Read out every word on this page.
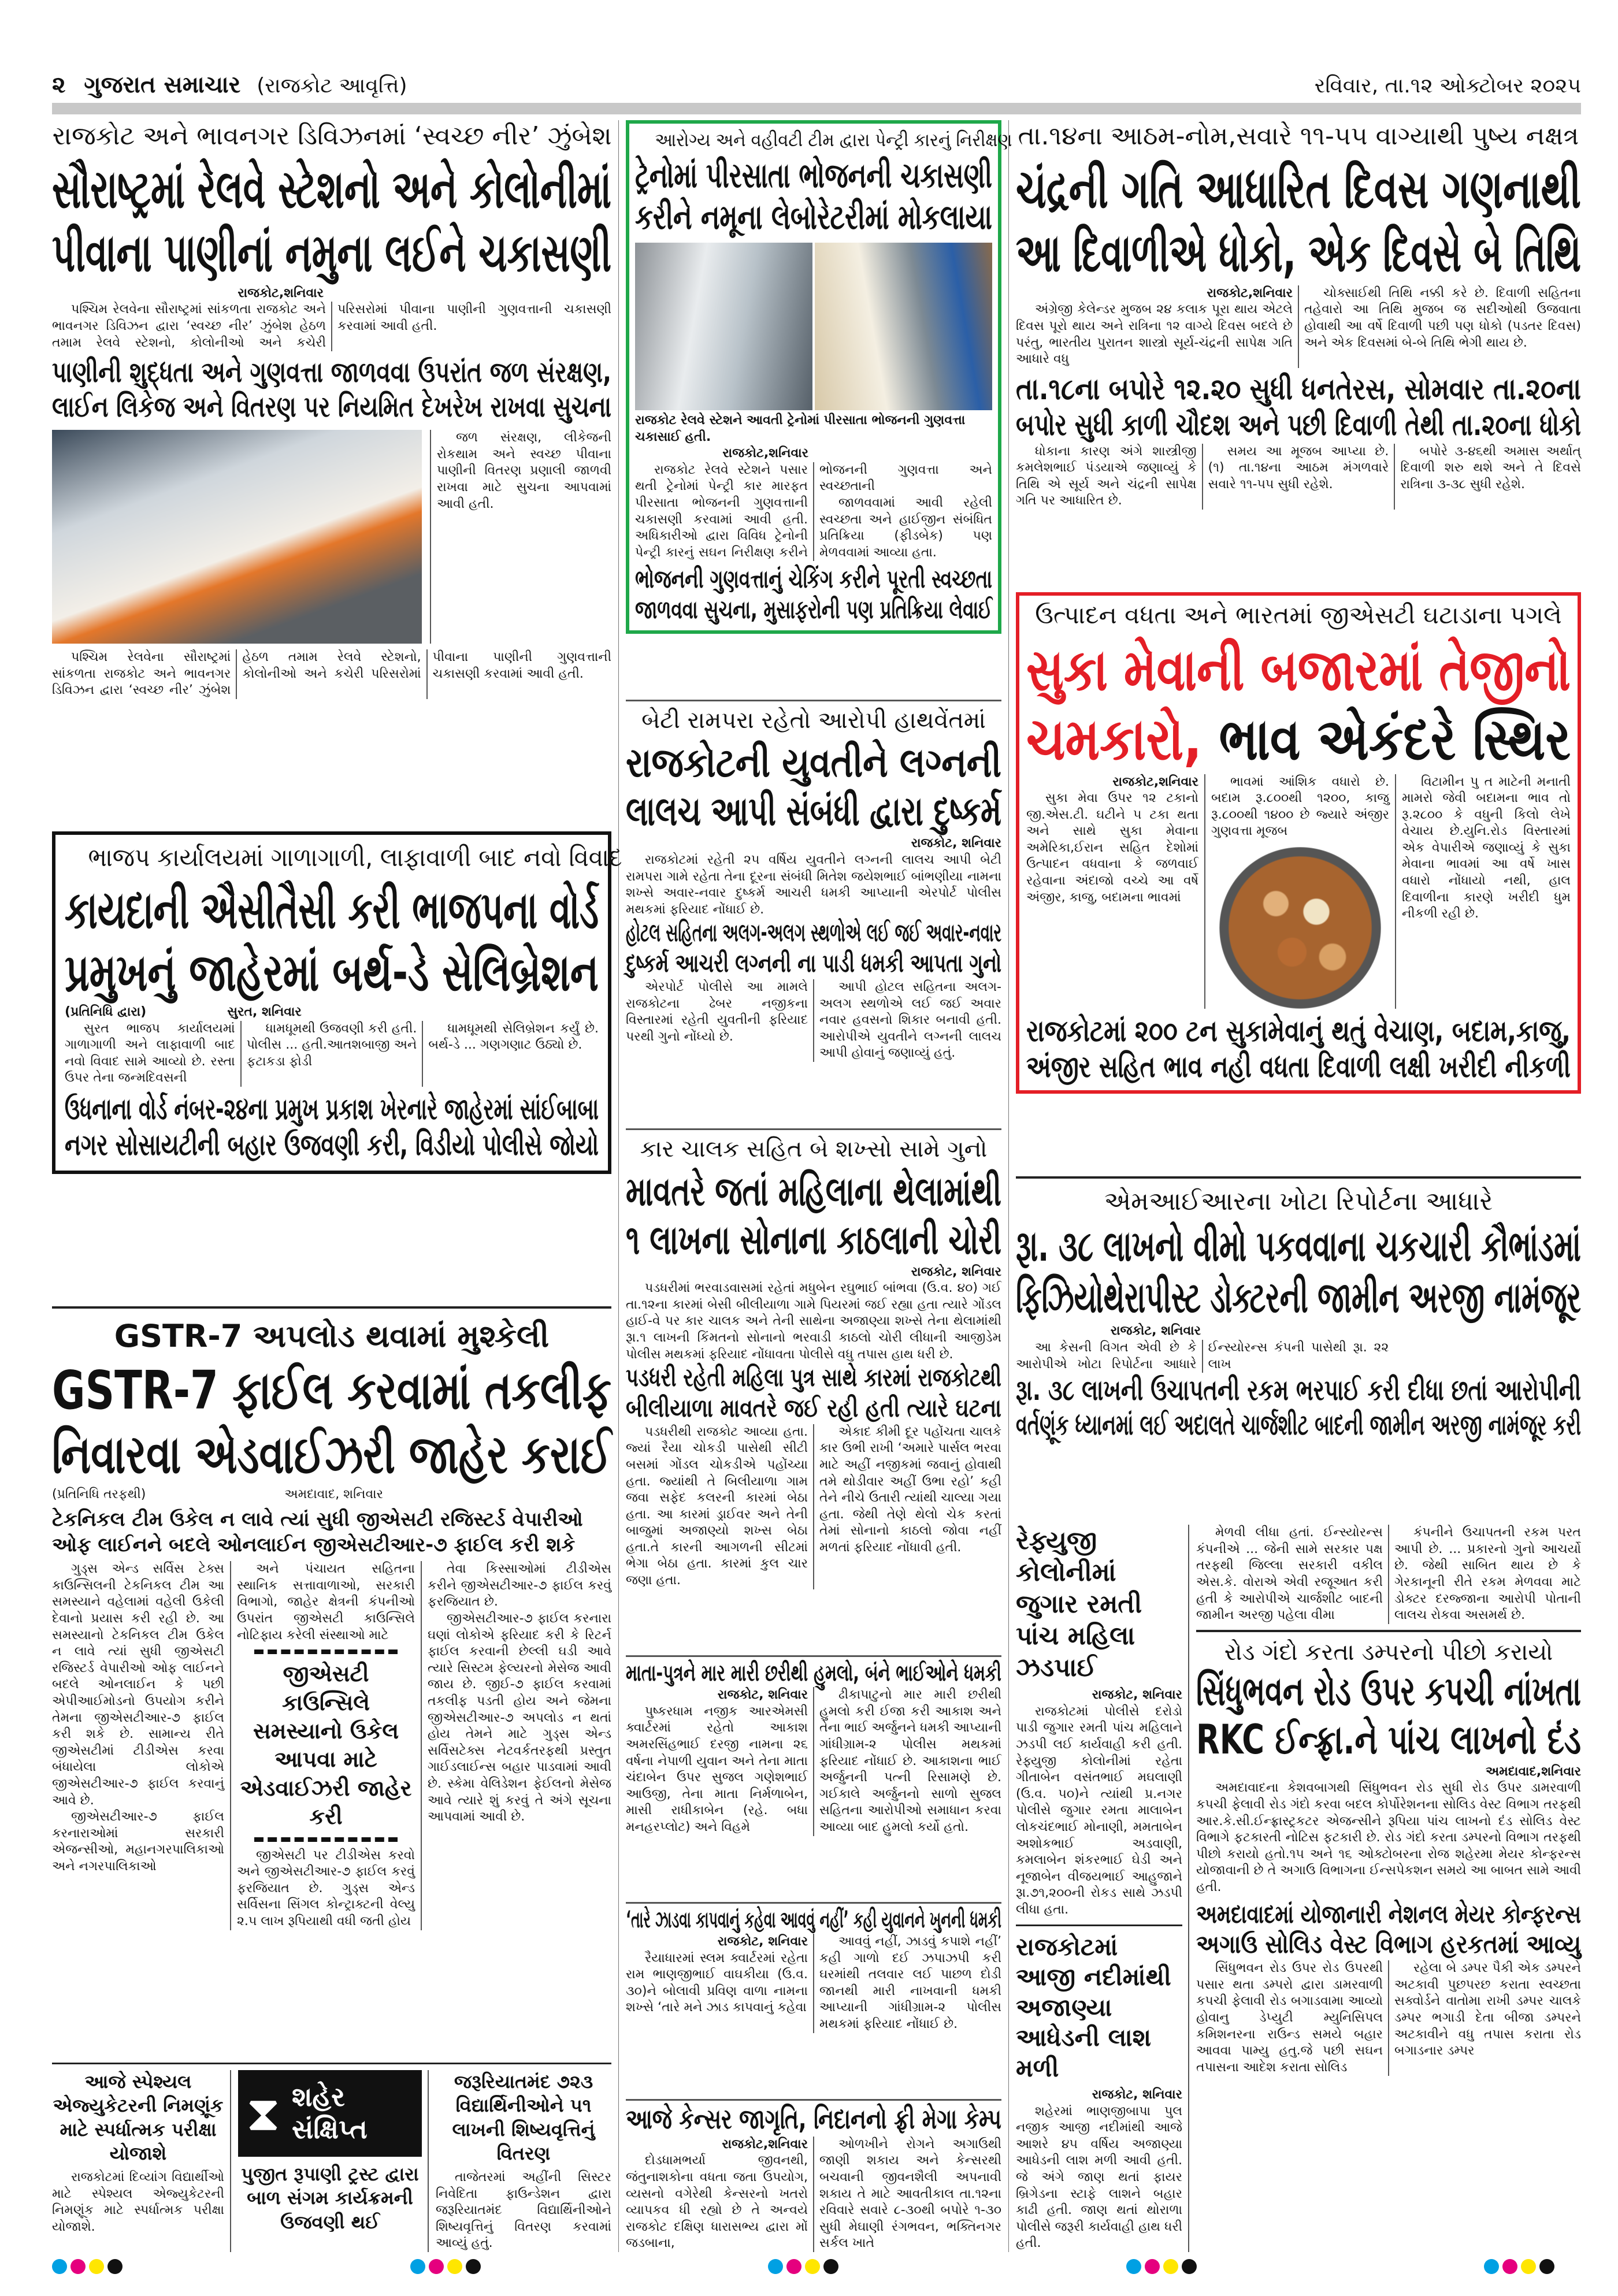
૨ ગુજરાત સમાચાર (રાજકોટ આવૃત્તિ)	રવિવાર, તા.૧૨ ઓક્ટોબર ૨૦૨૫
રાજકોટ અને ભાવનગર ડિવિઝનમાં ‘સ્વચ્છ નીર’ ઝુંબેશ
સૌરાષ્ટ્રમાં રેલવે સ્ટેશનો અને કોલોનીમાં
પીવાના પાણીનાં નમુના લઈને ચકાસણી
રાજકોટ,શનિવાર

પશ્ચિમ રેલવેના સૌરાષ્ટ્રમાં સાંકળતા રાજકોટ અને ભાવનગર ડિવિઝન દ્વારા ‘સ્વચ્છ નીર’ ઝુંબેશ હેઠળ તમામ રેલવે સ્ટેશનો, કોલોનીઓ અને કચેરી પરિસરોમાં પીવાના પાણીની ગુણવત્તાની ચકાસણી કરવામાં આવી હતી.

પાણીની શુદ્ધતા અને ગુણવત્તા જાળવવા ઉપરાંત જળ સંરક્ષણ,
લાઈન લિકેજ અને વિતરણ પર નિયમિત દેખરેખ રાખવા સુચના

જળ સંરક્ષણ, લીકેજની રોકથામ અને સ્વચ્છ પીવાના પાણીની વિતરણ પ્રણાલી જાળવી રાખવા માટે સુચના આપવામાં આવી હતી.

પશ્ચિમ રેલવેના સૌરાષ્ટ્રમાં સાંકળતા રાજકોટ અને ભાવનગર ડિવિઝન દ્વારા ‘સ્વચ્છ નીર’ ઝુંબેશ હેઠળ તમામ રેલવે સ્ટેશનો, કોલોનીઓ અને કચેરી પરિસરોમાં પીવાના પાણીની ગુણવત્તાની ચકાસણી કરવામાં આવી હતી.

ભાજપ કાર્યાલયમાં ગાળાગાળી, લાફાવાળી બાદ નવો વિવાદ
કાયદાની ઐસીતૈસી કરી ભાજપના વોર્ડ
પ્રમુખનું જાહેરમાં બર્થ-ડે સેલિબ્રેશન
(પ્રતિનિધિ દ્વારા)	સુરત, શનિવાર

સુરત ભાજપ કાર્યાલયમાં ગાળાગાળી અને લાફાવાળી બાદ નવો વિવાદ સામે આવ્યો છે. રસ્તા ઉપર તેના જન્મદિવસની

ધામધૂમથી ઉજવણી કરી હતી. પોલીસ ... હતી.આતશબાજી અને ફટાકડા ફોડી

ધામધૂમથી સેલિબ્રેશન કર્યું છે. બર્થ-ડે ... ગણગણાટ ઉઠ્યો છે.

ઉધનાના વોર્ડ નંબર-૨૪ના પ્રમુખ પ્રકાશ ખેરનારે જાહેરમાં સાંઈબાબા
નગર સોસાયટીની બહાર ઉજવણી કરી, વિડીયો પોલીસે જોયો
GSTR-7 અપલોડ થવામાં મુશ્કેલી
GSTR-7 ફાઈલ કરવામાં તકલીફ
નિવારવા એડવાઈઝરી જાહેર કરાઈ
(પ્રતિનિધિ તરફથી)	અમદાવાદ, શનિવાર
ટેકનિકલ ટીમ ઉકેલ ન લાવે ત્યાં સુધી જીએસટી રજિસ્ટર્ડ વેપારીઓ ઓફ લાઈનને બદલે ઓનલાઈન જીએસટીઆર-૭ ફાઈલ કરી શકે

ગુડ્સ એન્ડ સર્વિસ ટેક્સ કાઉન્સિલની ટેકનિકલ ટીમ આ સમસ્યાને વહેલામાં વહેલી ઉકેલી દેવાનો પ્રયાસ કરી રહી છે. આ સમસ્યાનો ટેકનિકલ ટીમ ઉકેલ ન લાવે ત્યાં સુધી જીએસટી રજિસ્ટર્ડ વેપારીઓ ઓફ લાઈનને બદલે ઓનલાઈન કે પછી એપીઆઈમોડનો ઉપયોગ કરીને તેમના જીએસટીઆર-૭ ફાઈલ કરી શકે છે. સામાન્ય રીતે જીએસટીમાં ટીડીએસ કરવા બંધાયેલા લોકોએ જીએસટીઆર-૭ ફાઈલ કરવાનું આવે છે.

જીએસટીઆર-૭ ફાઈલ કરનારાઓમાં સરકારી એજન્સીઓ, મહાનગરપાલિકાઓ અને નગરપાલિકાઓ

અને પંચાયત સહિતના સ્થાનિક સત્તાવાળાઓ, સરકારી વિભાગો, જાહેર ક્ષેત્રની કંપનીઓ ઉપરાંત જીએસટી કાઉન્સિલે નોટિફાય કરેલી સંસ્થાઓ માટે

જીએસટી કાઉન્સિલે સમસ્યાનો ઉકેલ આપવા માટે એડવાઈઝરી જાહેર કરી

જીએસટી પર ટીડીએસ કરવો અને જીએસટીઆર-૭ ફાઈલ કરવું ફરજિયાત છે. ગુડ્સ એન્ડ સર્વિસના સિંગલ કોન્ટ્રાક્ટની વેલ્યુ ૨.૫ લાખ રૂપિયાથી વધી જતી હોય

તેવા કિસ્સાઓમાં ટીડીએસ કરીને જીએસટીઆર-૭ ફાઈલ કરવું ફરજિયાત છે.

જીએસટીઆર-૭ ફાઈલ કરનારા ઘણાં લોકોએ ફરિયાદ કરી કે રિટર્ન ફાઈલ કરવાની છેલ્લી ઘડી આવે ત્યારે સિસ્ટમ ફેલ્યરનો મેસેજ આવી જાય છે. જીઈ-૭ ફાઈલ કરવામાં તકલીફ પડતી હોય અને જેમના જીએસટીઆર-૭ અપલોડ ન થતાં હોય તેમને માટે ગુડ્સ એન્ડ સર્વિસટેક્સ નેટવર્કતરફથી પ્રસ્તુત ગાઈડલાઈન્સ બહાર પાડવામાં આવી છે. સ્કેમા વેલિડેશન ફેઈલનો મેસેજ આવે ત્યારે શું કરવું તે અંગે સૂચના આપવામાં આવી છે.

આજે સ્પેશ્યલ એજ્યુકેટરની નિમણૂંક માટે સ્પર્ધાત્મક પરીક્ષા યોજાશે

રાજકોટમાં દિવ્યાંગ વિદ્યાર્થીઓ માટે સ્પેશ્યલ એજ્યુકેટરની નિમણૂંક માટે સ્પર્ધાત્મક પરીક્ષા યોજાશે.

⧗ શહેર સંક્ષિપ્ત
પુજીત રૂપાણી ટ્રસ્ટ દ્વારા બાળ સંગમ કાર્યક્રમની ઉજવણી થઈ
જરૂરિયાતમંદ ૭૨૩ વિદ્યાર્થિનીઓને ૫૧ લાખની શિષ્યવૃત્તિનું વિતરણ

તાજેતરમાં અહીંની સિસ્ટર નિવેદિતા ફાઉન્ડેશન દ્વારા જરૂરિયાતમંદ વિદ્યાર્થિનીઓને શિષ્યવૃત્તિનું વિતરણ કરવામાં આવ્યું હતું.

આરોગ્ય અને વહીવટી ટીમ દ્વારા પેન્ટ્રી કારનું નિરીક્ષણ
ટ્રેનોમાં પીરસાતા ભોજનની ચકાસણી
કરીને નમૂના લેબોરેટરીમાં મોકલાયા
રાજકોટ રેલવે સ્ટેશને આવતી ટ્રેનોમાં પીરસાતા ભોજનની ગુણવત્તા ચકાસાઈ હતી.
રાજકોટ,શનિવાર

રાજકોટ રેલવે સ્ટેશને પસાર થતી ટ્રેનોમાં પેન્ટ્રી કાર મારફત પીરસાતા ભોજનની ગુણવત્તાની ચકાસણી કરવામાં આવી હતી. અધિકારીઓ દ્વારા વિવિધ ટ્રેનોની પેન્ટ્રી કારનું સઘન નિરીક્ષણ કરીને ભોજનની ગુણવત્તા અને સ્વચ્છતાની

જાળવવામાં આવી રહેલી સ્વચ્છતા અને હાઈજીન સંબંધિત પ્રતિક્રિયા (ફીડબેક) પણ મેળવવામાં આવ્યા હતા.

ભોજનની ગુણવત્તાનું ચેકિંગ કરીને પૂરતી સ્વચ્છતા
જાળવવા સુચના, મુસાફરોની પણ પ્રતિક્રિયા લેવાઈ
બેટી રામપરા રહેતો આરોપી હાથવેંતમાં
રાજકોટની યુવતીને લગ્નની
લાલચ આપી સંબંધી દ્વારા દુષ્કર્મ
રાજકોટ, શનિવાર

રાજકોટમાં રહેતી ૨૫ વર્ષિય યુવતીને લગ્નની લાલચ આપી બેટી રામપરા ગામે રહેતા તેના દૂરના સંબંધી મિતેશ જયેશભાઈ બાંભણીયા નામના શખ્સે અવાર-નવાર દુષ્કર્મ આચરી ધમકી આપ્યાની એરપોર્ટ પોલીસ મથકમાં ફરિયાદ નોંધાઈ છે.

હોટલ સહિતના અલગ-અલગ સ્થળોએ લઈ જઈ અવાર-નવાર
દુષ્કર્મ આચરી લગ્નની ના પાડી ધમકી આપતા ગુનો

એરપોર્ટ પોલીસે આ મામલે રાજકોટના ઢેબર નજીકના વિસ્તારમાં રહેતી યુવતીની ફરિયાદ પરથી ગુનો નોંધ્યો છે.

આપી હોટલ સહિતના અલગ-અલગ સ્થળોએ લઈ જઈ અવાર નવાર હવસનો શિકાર બનાવી હતી. આરોપીએ યુવતીને લગ્નની લાલચ આપી હોવાનું જણાવ્યું હતું.

કાર ચાલક સહિત બે શખ્સો સામે ગુનો
માવતરે જતાં મહિલાના થેલામાંથી
૧ લાખના સોનાના કાઠલાની ચોરી
રાજકોટ, શનિવાર

પડધરીમાં ભરવાડવાસમાં રહેતાં મધુબેન રઘુભાઈ બાંભવા (ઉ.વ. ૪૦) ગઈ તા.૧૨ના કારમાં બેસી બીલીયાળા ગામે પિયરમાં જઈ રહ્યા હતા ત્યારે ગોંડલ હાઈ-વે પર કાર ચાલક અને તેની સાથેના અજાણ્યા શખ્સે તેના થેલામાંથી રૂા.૧ લાખની કિંમતનો સોનાનો ભરવાડી કાઠલો ચોરી લીધાની આજીડેમ પોલીસ મથકમાં ફરિયાદ નોંધાવતા પોલીસે વધુ તપાસ હાથ ધરી છે.

પડધરી રહેતી મહિલા પુત્ર સાથે કારમાં રાજકોટથી
બીલીયાળા માવતરે જઈ રહી હતી ત્યારે ઘટના

પડધરીથી રાજકોટ આવ્યા હતા. જ્યાં રૈયા ચોકડી પાસેથી સીટી બસમાં ગોંડલ ચોકડીએ પહોંચ્યા હતા. જ્યાંથી તે બિલીયાળા ગામ જવા સફેદ કલરની કારમાં બેઠા હતા. આ કારમાં ડ્રાઈવર અને તેની બાજુમાં અજાણ્યો શખ્સ બેઠા હતા.તે કારની આગળની સીટમાં ભેગા બેઠા હતા. કારમાં કુલ ચાર જણા હતા.

એકાદ કીમી દૂર પહોંચતા ચાલકે કાર ઉભી રાખી ‘અમારે પાર્સલ ભરવા માટે અહીં નજીકમાં જવાનું હોવાથી તમે થોડીવાર અહીં ઉભા રહો’ કહી તેને નીચે ઉતારી ત્યાંથી ચાલ્યા ગયા હતા. જેથી તેણે થેલો ચેક કરતાં તેમાં સોનાનો કાઠલો જોવા નહીં મળતાં ફરિયાદ નોંધાવી હતી.

માતા-પુત્રને માર મારી છરીથી હુમલો, બંને ભાઈઓને ધમકી
રાજકોટ, શનિવાર

પુષ્કરધામ નજીક આરએમસી ક્વાર્ટરમાં રહેતો આકાશ અમરસિંહભાઈ દરજી નામના ૨૬ વર્ષના નેપાળી યુવાન અને તેના માતા ચંદાબેન ઉપર સુજલ ગણેશભાઈ આઉજી, તેના માતા નિર્મળાબેન, માસી રાધીકાબેન (રહે. બધા મનહરપ્લોટ) અને વિહમે

ઢીકાપાટુનો માર મારી છરીથી હુમલો કરી ઈજા કરી આકાશ અને તેના ભાઈ અર્જુનને ધમકી આપ્યાની ગાંધીગ્રામ-૨ પોલીસ મથકમાં ફરિયાદ નોંધાઈ છે. આકાશના ભાઈ અર્જુનની પત્ની રિસામણે છે. ગઈકાલે અર્જુનનો સાળો સુજલ સહિતના આરોપીઓ સમાધાન કરવા આવ્યા બાદ હુમલો કર્યો હતો.

‘તારે ઝાડવા કાપવાનું કહેવા આવવું નહીં’ કહી યુવાનને ખુનની ધમકી
રાજકોટ, શનિવાર

રૈયાધારમાં સ્લમ ક્વાર્ટરમાં રહેતા રામ ભાણજીભાઈ વાઘકીયા (ઉ.વ. ૩૦)ને બોલાવી પ્રવિણ વાળા નામના શખ્સે ‘તારે મને ઝાડ કાપવાનું કહેવા

આવવું નહીં, ઝાડવું કપાશે નહીં’ કહી ગાળો દઈ ઝપાઝપી કરી ઘરમાંથી તલવાર લઈ પાછળ દોડી જાનથી મારી નાખવાની ધમકી આપ્યાની ગાંધીગ્રામ-૨ પોલીસ મથકમાં ફરિયાદ નોંધાઈ છે.

આજે કેન્સર જાગૃતિ, નિદાનનો ફ્રી મેગા કેમ્પ
રાજકોટ,શનિવાર

દોડધામભર્યા જીવનથી, જંતુનાશકોના વધતા જતા ઉપયોગ, વ્યસનો વગેરેથી કેન્સરનો ખતરો વ્યાપકવ ધી રહ્યો છે તે અન્વયે રાજકોટ દક્ષિણ ધારાસભ્ય દ્વારા મોં જડબાના,

ઓળખીને રોગને અગાઉથી જાણી શકાય અને કેન્સરથી બચવાની જીવનશૈલી અપનાવી શકાય તે માટે આવતીકાલ તા.૧૨ના રવિવારે સવારે ૮-૩૦થી બપોરે ૧-૩૦ સુધી મેઘાણી રંગભવન, ભક્તિનગર સર્કલ ખાતે

તા.૧૪ના આઠમ-નોમ,સવારે ૧૧-૫૫ વાગ્યાથી પુષ્ય નક્ષત્ર
ચંદ્રની ગતિ આધારિત દિવસ ગણનાથી
આ દિવાળીએ ધોકો, એક દિવસે બે તિથિ
રાજકોટ,શનિવાર

અંગ્રેજી કેલેન્ડર મુજબ ૨૪ કલાક પૂરા થાય એટલે દિવસ પૂરો થાય અને રાત્રિના ૧૨ વાગ્યે દિવસ બદલે છે પરંતુ, ભારતીય પુરાતન શાસ્ત્રો સૂર્ય-ચંદ્રની સાપેક્ષ ગતિ આધારે વધુ

ચોક્સાઈથી તિથિ નક્કી કરે છે. દિવાળી સહિતના તહેવારો આ તિથિ મુજબ જ સદીઓથી ઉજવાતા હોવાથી આ વર્ષે દિવાળી પછી પણ ધોકો (પડતર દિવસ) અને એક દિવસમાં બે-બે તિથિ ભેગી થાય છે.

તા.૧૮ના બપોરે ૧૨.૨૦ સુધી ધનતેરસ, સોમવાર તા.૨૦ના
બપોર સુધી કાળી ચૌદશ અને પછી દિવાળી તેથી તા.૨૦ના ધોકો

ધોકાના કારણ અંગે શાસ્ત્રીજી કમલેશભાઈ પંડયાએ જણાવ્યું કે તિથિ એ સૂર્ય અને ચંદ્રની સાપેક્ષ ગતિ પર આધારિત છે.

સમય આ મૂજબ આપ્યા છે. (૧) તા.૧૪ના આઠમ મંગળવારે સવારે ૧૧-૫૫ સુધી રહેશે.

બપોરે ૩-૪૬થી અમાસ અર્થાત્ દિવાળી શરુ થશે અને તે દિવસે રાત્રિના ૩-૩૮ સુધી રહેશે.

ઉત્પાદન વધતા અને ભારતમાં જીએસટી ઘટાડાના પગલે
સુકા મેવાની બજારમાં તેજીનો
ચમકારો, ભાવ એકંદરે સ્થિર
રાજકોટ,શનિવાર

સુકા મેવા ઉપર ૧૨ ટકાનો જી.એસ.ટી. ઘટીને ૫ ટકા થતા અને સાથે સુકા મેવાના અમેરિકા,ઈરાન સહિત દેશોમાં ઉત્પાદન વધવાના કે જળવાઈ રહેવાના અંદાજો વચ્ચે આ વર્ષે અંજીર, કાજુ, બદામના ભાવમાં

ભાવમાં આંશિક વધારો છે. બદામ રૂ.૮૦૦થી ૧૨૦૦, કાજુ રૂ.૮૦૦થી ૧૪૦૦ છે જ્યારે અંજીર ગુણવત્તા મૂજબ

વિટામીન પુ ત માટેની મનાતી મામરો જેવી બદામના ભાવ તો રૂ.૨૮૦૦ કે વધુની કિલો લેખે વેચાય છે.યુનિ.રોડ વિસ્તારમાં એક વેપારીએ જણાવ્યું કે સુકા મેવાના ભાવમાં આ વર્ષે ખાસ વધારો નોંધાયો નથી, હાલ દિવાળીના કારણે ખરીદી ધુમ નીકળી રહી છે.

રાજકોટમાં ૨૦૦ ટન સુકામેવાનું થતું વેચાણ, બદામ,કાજુ,
અંજીર સહિત ભાવ નહી વધતા દિવાળી લક્ષી ખરીદી નીકળી
એમઆઈઆરના ખોટા રિપોર્ટના આધારે
રૂા. ૩૮ લાખનો વીમો પકવવાના ચકચારી કૌભાંડમાં
ફિઝિયોથેરાપીસ્ટ ડોક્ટરની જામીન અરજી નામંજૂર
રાજકોટ, શનિવાર

આ કેસની વિગત એવી છે કે આરોપીએ ખોટા રિપોર્ટના આધારે ઈન્સ્યોરન્સ કંપની પાસેથી રૂા. ૨૨ લાખ

રૂા. ૩૮ લાખની ઉચાપતની રકમ ભરપાઈ કરી દીધા છતાં આરોપીની
વર્તણૂંક ધ્યાનમાં લઈ અદાલતે ચાર્જશીટ બાદની જામીન અરજી નામંજૂર કરી
રેફ્યુજી કોલોનીમાં જુગાર રમતી પાંચ મહિલા ઝડપાઈ
રાજકોટ, શનિવાર

રાજકોટમાં પોલીસે દરોડો પાડી જુગાર રમતી પાંચ મહિલાને ઝડપી લઈ કાર્યવાહી કરી હતી. રેફ્યુજી કોલોનીમાં રહેતા ગીતાબેન વસંતભાઈ મઘલાણી (ઉ.વ. ૫૦)ને ત્યાંથી પ્ર.નગર પોલીસે જુગાર રમતા માલાબેન લોકચંદભાઈ મોનાણી, મમતાબેન અશોકભાઈ અડવાણી, કમલાબેન શંકરભાઈ ઘેડી અને નૂજાબેન વીજયભાઈ આહુજાને રૂા.૭૧,૨૦૦ની રોકડ સાથે ઝડપી લીધા હતા.

રાજકોટમાં આજી નદીમાંથી અજાણ્યા આધેડની લાશ મળી
રાજકોટ, શનિવાર

શહેરમાં ભાણજીબાપા પુલ નજીક આજી નદીમાંથી આજે આશરે ૪૫ વર્ષિય અજાણ્યા આધેડની લાશ મળી આવી હતી. જે અંગે જાણ થતાં ફાયર બ્રિગેડના સ્ટાફે લાશને બહાર કાઢી હતી. જાણ થતાં થોરાળા પોલીસે જરૂરી કાર્યવાહી હાથ ધરી હતી.

મેળવી લીધા હતાં. ઈન્સ્યોરન્સ કંપનીએ ... જેની સામે સરકાર પક્ષ તરફથી જિલ્લા સરકારી વકીલ એસ.કે. વોરાએ એવી રજૂઆત કરી હતી કે આરોપીએ ચાર્જશીટ બાદની જામીન અરજી પહેલા વીમા

કંપનીને ઉચાપતની રકમ પરત આપી છે. ... પ્રકારનો ગુનો આચર્યો છે. જેથી સાબિત થાય છે કે ગેરકાનૂની રીતે રકમ મેળવવા માટે ડોક્ટર દરજ્જાના આરોપી પોતાની લાલચ રોકવા અસમર્થ છે.

રોડ ગંદો કરતા ડમ્પરનો પીછો કરાયો
સિંધુભવન રોડ ઉપર કપચી નાંખતા
RKC ઈન્ફ્રા.ને પાંચ લાખનો દંડ
અમદાવાદ,શનિવાર

અમદાવાદના કેશવબાગથી સિંધુભવન રોડ સુધી રોડ ઉપર ડામરવાળી કપચી ફેલાવી રોડ ગંદો કરવા બદલ કોર્પોરેશનના સોલિડ વેસ્ટ વિભાગ તરફથી આર.કે.સી.ઈન્ફ્રાસ્ટ્રકટર એજન્સીને રૂપિયા પાંચ લાખનો દંડ સોલિડ વેસ્ટ વિભાગે ફટકારતી નોટિસ ફટકારી છે. રોડ ગંદો કરતા ડમ્પરનો વિભાગ તરફથી પીછો કરાયો હતો.૧૫ અને ૧૬ ઓક્ટોબરના રોજ શહેરમા મેયર કોન્ફરન્સ યોજાવાની છે તે અગાઉ વિભાગના ઈન્સપેકશન સમયે આ બાબત સામે આવી હતી.

અમદાવાદમાં યોજાનારી નેશનલ મેયર કોન્ફરન્સ
અગાઉ સોલિડ વેસ્ટ વિભાગ હરકતમાં આવ્યુ

સિંધુભવન રોડ ઉપર રોડ ઉપરથી પસાર થતા ડમ્પરો દ્વારા ડામરવાળી કપચી ફેલાવી રોડ બગાડવામા આવ્યો હોવાનુ ડેપ્યુટી મ્યુનિસિપલ કમિશનરના રાઉન્ડ સમયે બહાર આવવા પામ્યુ હતુ.જે પછી સઘન તપાસના આદેશ કરાતા સોલિડ

રહેલા બે ડમ્પર પૈકી એક ડમ્પરને અટકાવી પુછપરછ કરાતા સ્વચ્છતા સક્વોર્ડને વાતોમા રાખી ડમ્પર ચાલકે ડમ્પર ભગાડી દેતા બીજા ડમ્પરને અટકાવીને વધુ તપાસ કરાતા રોડ બગાડનાર ડમ્પર
